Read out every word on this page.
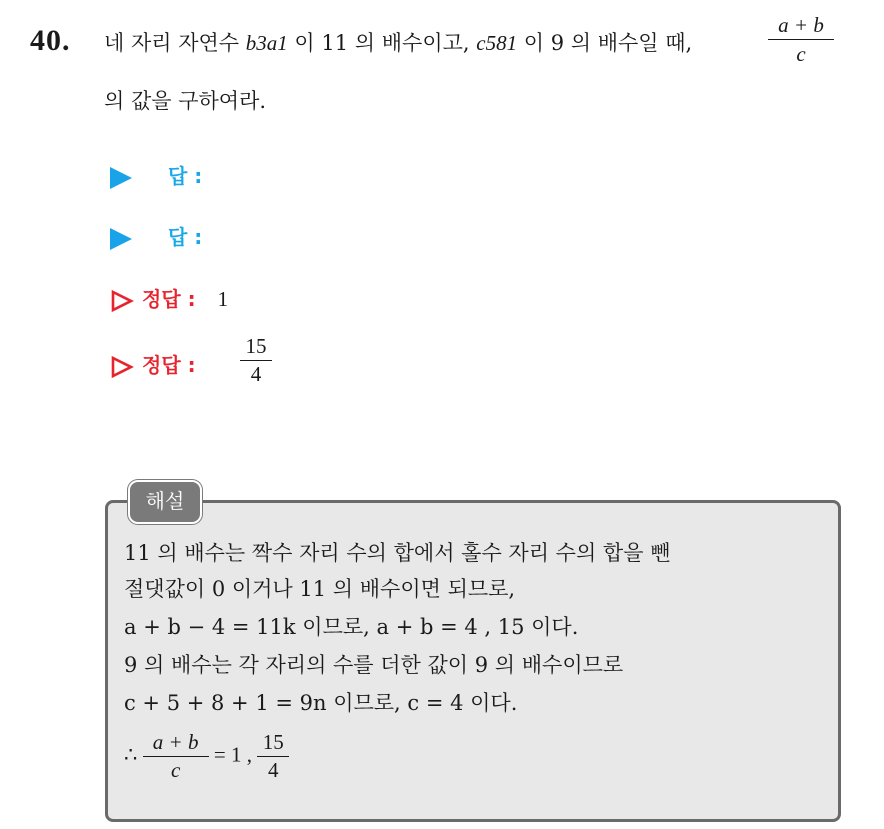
40. 네 자리 자연수 b3a1 이 11 의 배수이고, c581 이 9 의 배수일 때,
a + b
c
의 값을 구하여라.
답 :
답 :
정답 : 1
정답 :
15
4
해설
11 의 배수는 짝수 자리 수의 합에서 홀수 자리 수의 합을 뺀
절댓값이 0 이거나 11 의 배수이면 되므로,
a + b − 4 = 11k 이므로, a + b = 4 , 15 이다.
9 의 배수는 각 자리의 수를 더한 값이 9 의 배수이므로
c + 5 + 8 + 1 = 9n 이므로, c = 4 이다.
∴ $\frac{a + b}{c} = 1$ , $\frac{15}{4}$
